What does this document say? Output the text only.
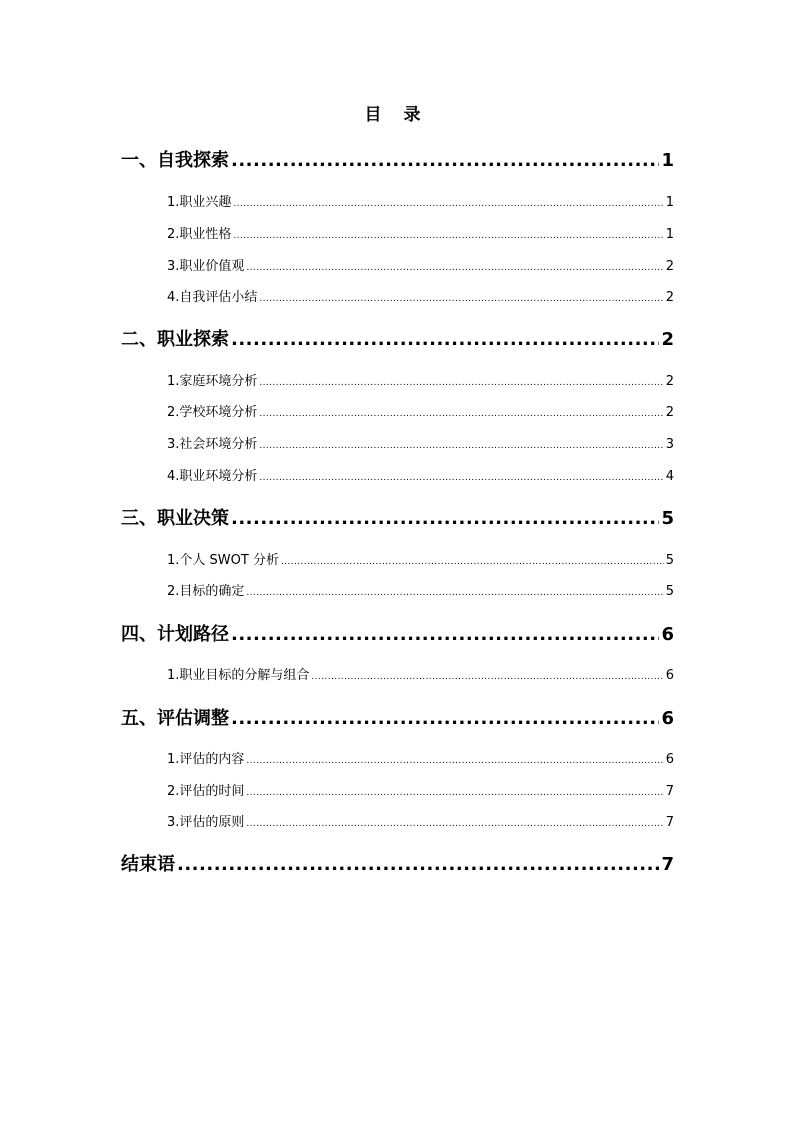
目 录
一、自我探索 .....	1
1.职业兴趣 .....	1
2.职业性格 .....	1
3.职业价值观 .....	2
4.自我评估小结 .....	2
二、职业探索 .....	2
1.家庭环境分析 .....	2
2.学校环境分析 .....	2
3.社会环境分析 .....	3
4.职业环境分析 .....	4
三、职业决策 .....	5
1.个人 SWOT 分析 .....	5
2.目标的确定 .....	5
四、计划路径 .....	6
1.职业目标的分解与组合 .....	6
五、评估调整 .....	6
1.评估的内容 .....	6
2.评估的时间 .....	7
3.评估的原则 .....	7
结束语 .....	7
